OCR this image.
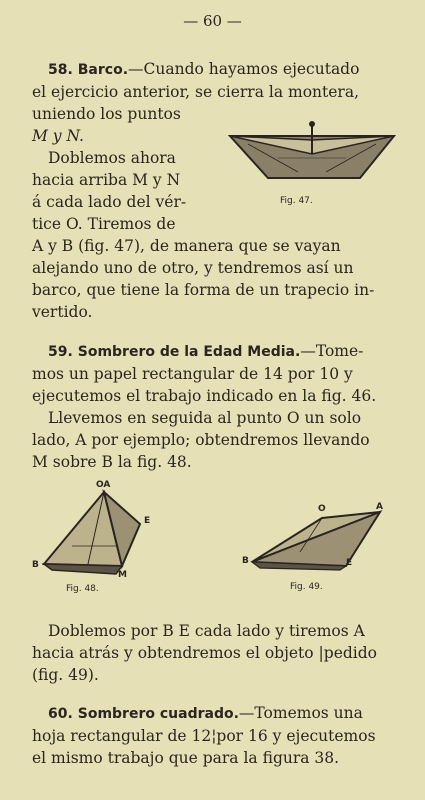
— 60 —

58. Barco.—Cuando hayamos ejecutado

el ejercicio anterior, se cierra la montera,

uniendo los puntos

M y N.

Doblemos ahora

hacia arriba M y N

á cada lado del vér-

tice O. Tiremos de

A y B (fig. 47), de manera que se vayan

alejando uno de otro, y tendremos así un

barco, que tiene la forma de un trapecio in-

vertido.

Fig. 47.

59. Sombrero de la Edad Media.—Tome-

mos un papel rectangular de 14 por 10 y

ejecutemos el trabajo indicado en la fig. 46.

Llevemos en seguida al punto O un solo

lado, A por ejemplo; obtendremos llevando

M sobre B la fig. 48.

OA
E
B
M
Fig. 48.
O	A
B	E
Fig. 49.

Doblemos por B E cada lado y tiremos A

hacia atrás y obtendremos el objeto |pedido

(fig. 49).

60. Sombrero cuadrado.—Tomemos una

hoja rectangular de 12¦por 16 y ejecutemos

el mismo trabajo que para la figura 38.
